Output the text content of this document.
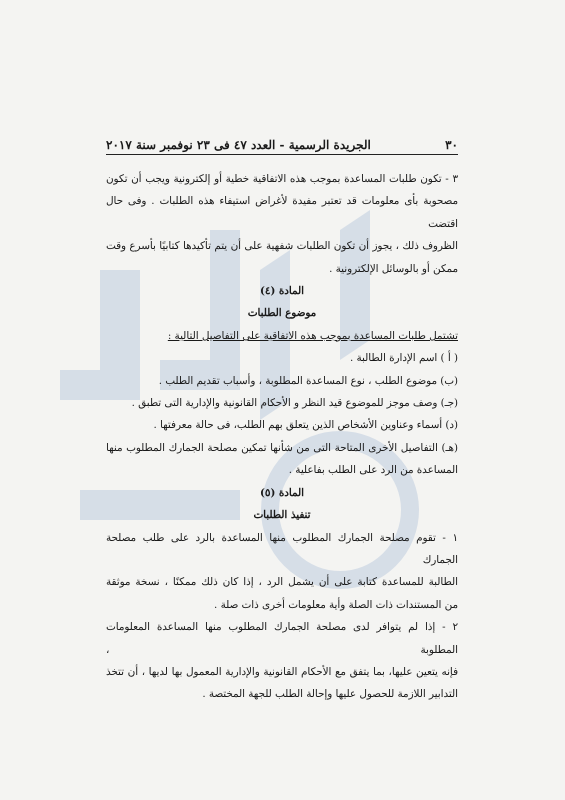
٣٠
الجريدة الرسمية - العدد ٤٧ فى ٢٣ نوفمبر سنة ٢٠١٧

٣ - تكون طلبات المساعدة بموجب هذه الاتفاقية خطية أو إلكترونية ويجب أن تكون

مصحوبة بأى معلومات قد تعتبر مفيدة لأغراض استيفاء هذه الطلبات . وفى حال اقتضت

الظروف ذلك ، يجوز أن تكون الطلبات شفهية على أن يتم تأكيدها كتابيًا بأسرع وقت

ممكن أو بالوسائل الإلكترونية .

المادة (٤)

موضوع الطلبات

تشتمل طلبات المساعدة بموجب هذه الاتفاقية على التفاصيل التالية :

( أ ) اسم الإدارة الطالبة .

(ب) موضوع الطلب ، نوع المساعدة المطلوبة ، وأسباب تقديم الطلب .

(جـ) وصف موجز للموضوع قيد النظر و الأحكام القانونية والإدارية التى تطبق .

(د) أسماء وعناوين الأشخاص الذين يتعلق بهم الطلب، فى حالة معرفتها .

(هـ) التفاصيل الأخرى المتاحة التى من شأنها تمكين مصلحة الجمارك المطلوب منها

المساعدة من الرد على الطلب بفاعلية .

المادة (٥)

تنفيذ الطلبات

١ - تقوم مصلحة الجمارك المطلوب منها المساعدة بالرد على طلب مصلحة الجمارك

الطالبة للمساعدة كتابة على أن يشمل الرد ، إذا كان ذلك ممكنًا ، نسخة موثقة

من المستندات ذات الصلة وأية معلومات أخرى ذات صلة .

٢ - إذا لم يتوافر لدى مصلحة الجمارك المطلوب منها المساعدة المعلومات المطلوبة ،

فإنه يتعين عليها، بما يتفق مع الأحكام القانونية والإدارية المعمول بها لديها ، أن تتخذ

التدابير اللازمة للحصول عليها وإحالة الطلب للجهة المختصة .
